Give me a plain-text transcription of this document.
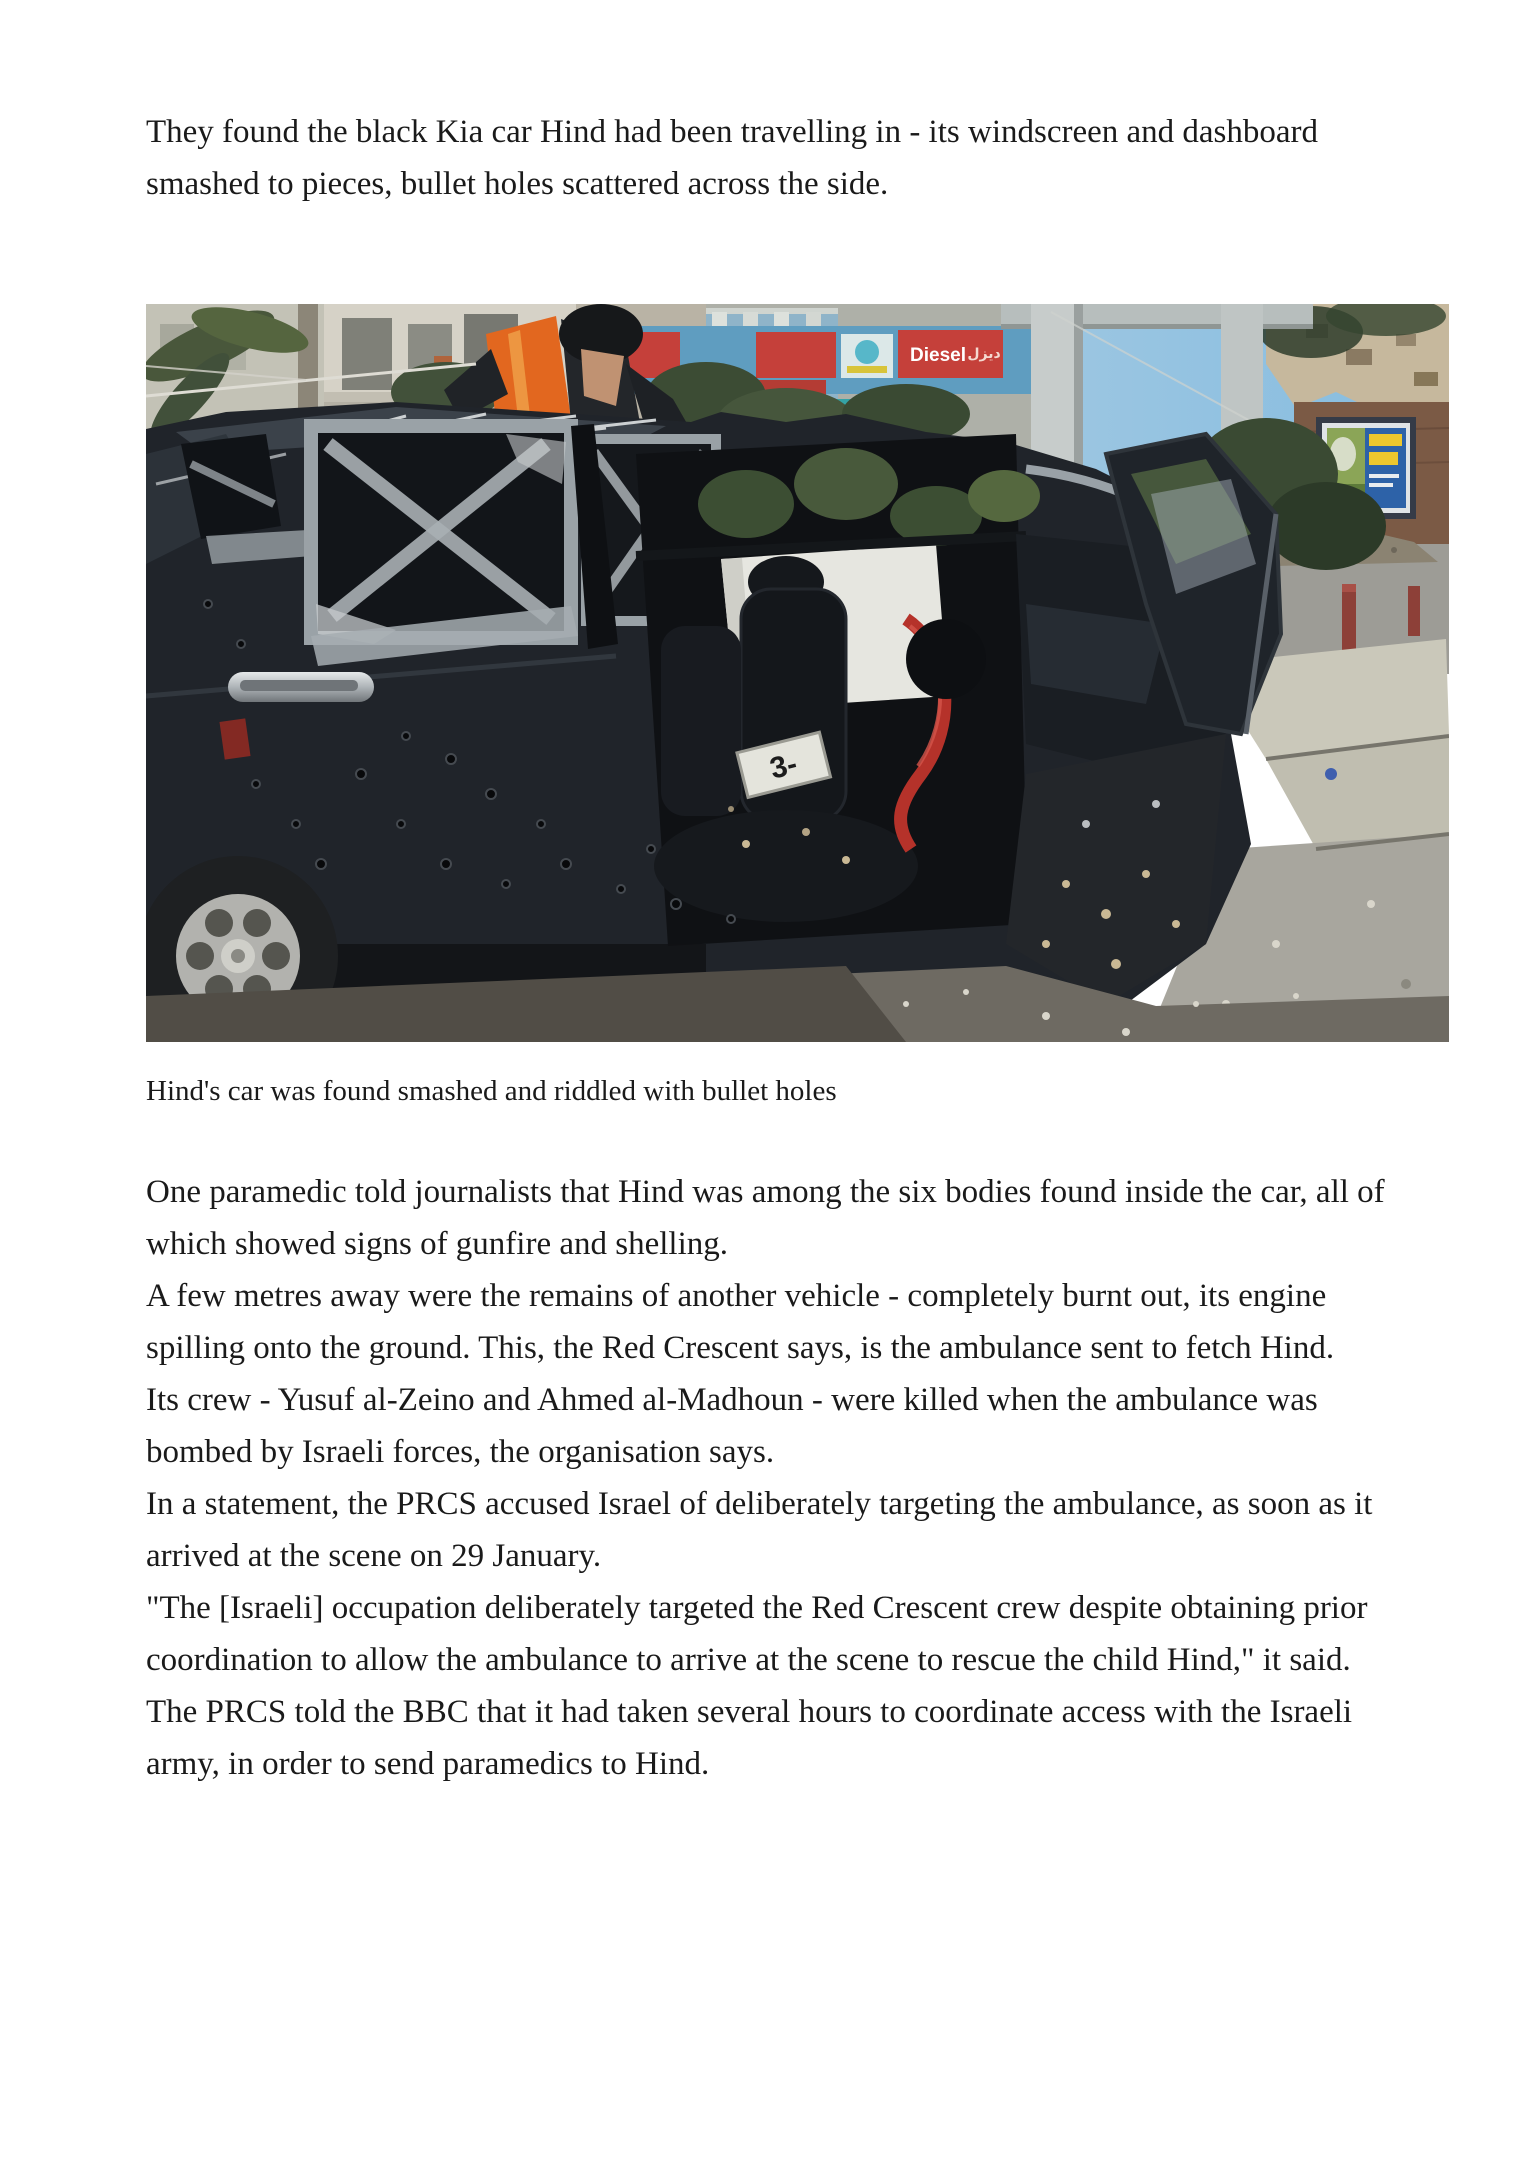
They found the black Kia car Hind had been travelling in - its windscreen and dashboard smashed to pieces, bullet holes scattered across the side.

Diesel ديزل
3-
Hind's car was found smashed and riddled with bullet holes

One paramedic told journalists that Hind was among the six bodies found inside the car, all of which showed signs of gunfire and shelling.

A few metres away were the remains of another vehicle - completely burnt out, its engine spilling onto the ground. This, the Red Crescent says, is the ambulance sent to fetch Hind.

Its crew - Yusuf al-Zeino and Ahmed al-Madhoun - were killed when the ambulance was bombed by Israeli forces, the organisation says.

In a statement, the PRCS accused Israel of deliberately targeting the ambulance, as soon as it arrived at the scene on 29 January.

"The [Israeli] occupation deliberately targeted the Red Crescent crew despite obtaining prior coordination to allow the ambulance to arrive at the scene to rescue the child Hind," it said.

The PRCS told the BBC that it had taken several hours to coordinate access with the Israeli army, in order to send paramedics to Hind.
